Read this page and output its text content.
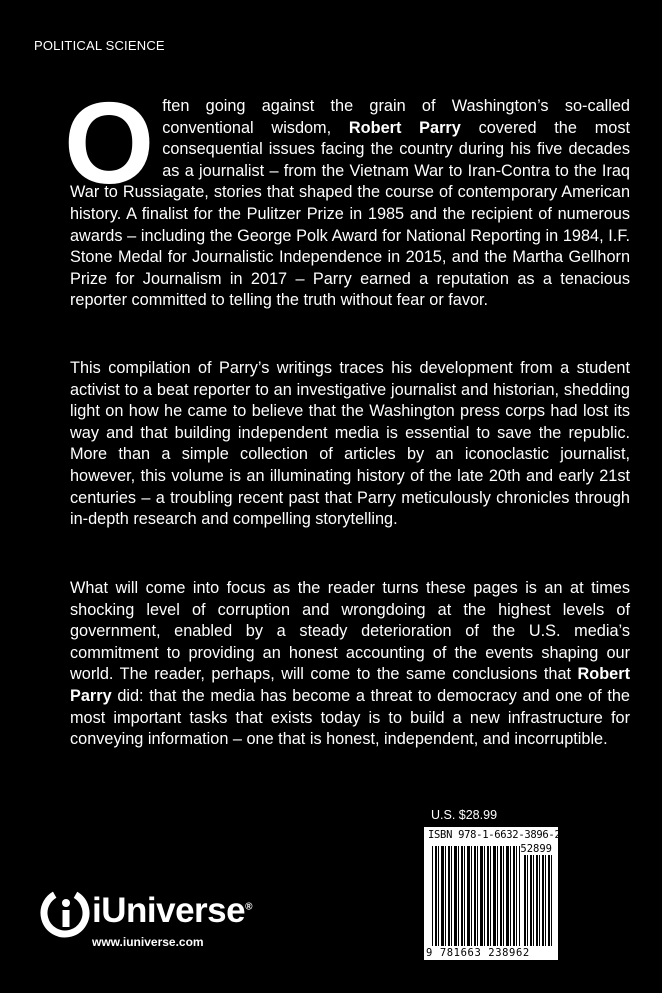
POLITICAL SCIENCE

Often going against the grain of Washington’s so-called conventional wisdom, Robert Parry covered the most consequential issues facing the country during his five decades as a journalist – from the Vietnam War to Iran-Contra to the Iraq War to Russiagate, stories that shaped the course of contemporary American history. A finalist for the Pulitzer Prize in 1985 and the recipient of numerous awards – including the George Polk Award for National Reporting in 1984, I.F. Stone Medal for Journalistic Independence in 2015, and the Martha Gellhorn Prize for Journalism in 2017 – Parry earned a reputation as a tenacious reporter committed to telling the truth without fear or favor.

This compilation of Parry’s writings traces his development from a student activist to a beat reporter to an investigative journalist and historian, shedding light on how he came to believe that the Washington press corps had lost its way and that building independent media is essential to save the republic. More than a simple collection of articles by an iconoclastic journalist, however, this volume is an illuminating history of the late 20th and early 21st centuries – a troubling recent past that Parry meticulously chronicles through in-depth research and compelling storytelling.

What will come into focus as the reader turns these pages is an at times shocking level of corruption and wrongdoing at the highest levels of government, enabled by a steady deterioration of the U.S. media’s commitment to providing an honest accounting of the events shaping our world. The reader, perhaps, will come to the same conclusions that Robert Parry did: that the media has become a threat to democracy and one of the most important tasks that exists today is to build a new infrastructure for conveying information – one that is honest, independent, and incorruptible.

U.S. $28.99
ISBN 978-1-6632-3896-2
52899
9 781663 238962
iUniverse®
www.iuniverse.com
